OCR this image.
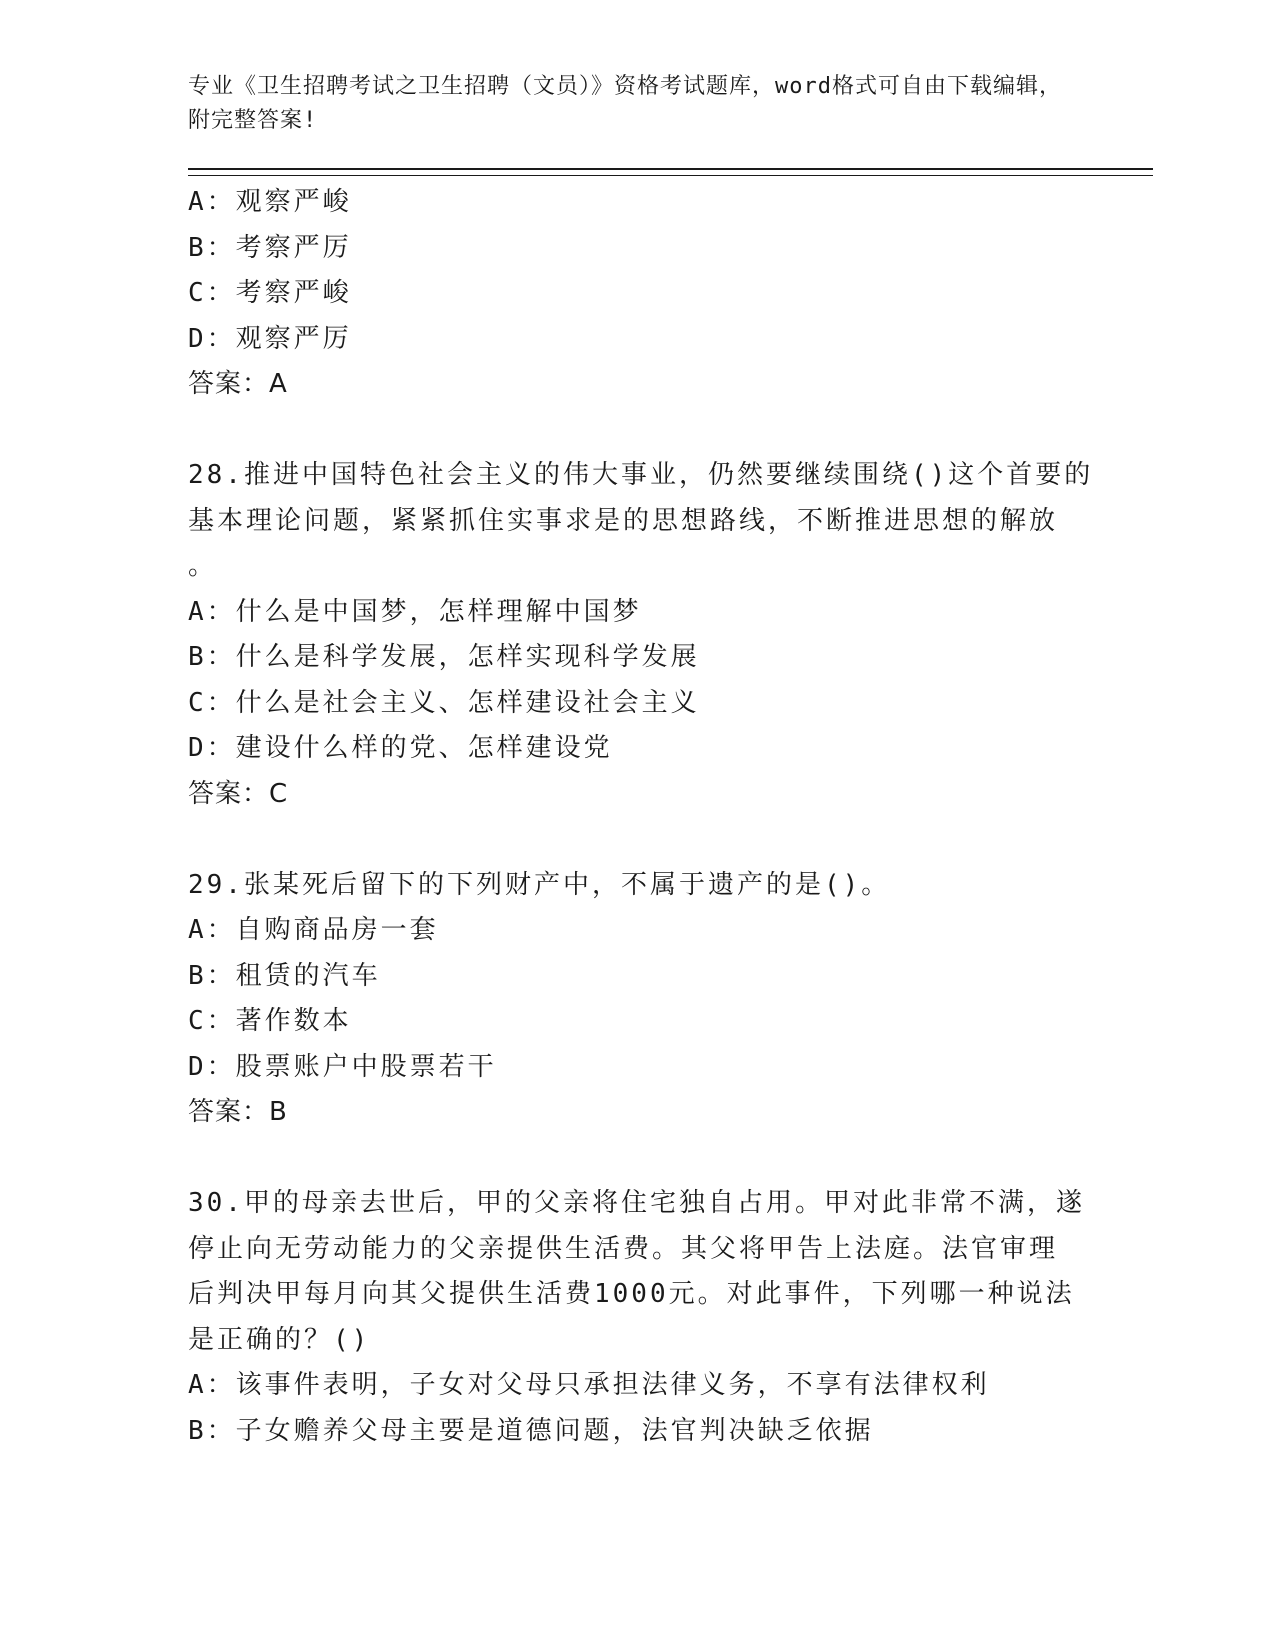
专业《卫生招聘考试之卫生招聘（文员）》资格考试题库，word格式可自由下载编辑，附完整答案!
A：观察严峻
B：考察严厉
C：考察严峻
D：观察严厉
答案：A
28.推进中国特色社会主义的伟大事业，仍然要继续围绕()这个首要的
基本理论问题，紧紧抓住实事求是的思想路线，不断推进思想的解放
。
A：什么是中国梦，怎样理解中国梦
B：什么是科学发展，怎样实现科学发展
C：什么是社会主义、怎样建设社会主义
D：建设什么样的党、怎样建设党
答案：C
29.张某死后留下的下列财产中，不属于遗产的是()。
A：自购商品房一套
B：租赁的汽车
C：著作数本
D：股票账户中股票若干
答案：B
30.甲的母亲去世后，甲的父亲将住宅独自占用。甲对此非常不满，遂
停止向无劳动能力的父亲提供生活费。其父将甲告上法庭。法官审理
后判决甲每月向其父提供生活费1000元。对此事件，下列哪一种说法
是正确的？()
A：该事件表明，子女对父母只承担法律义务，不享有法律权利
B：子女赡养父母主要是道德问题，法官判决缺乏依据
